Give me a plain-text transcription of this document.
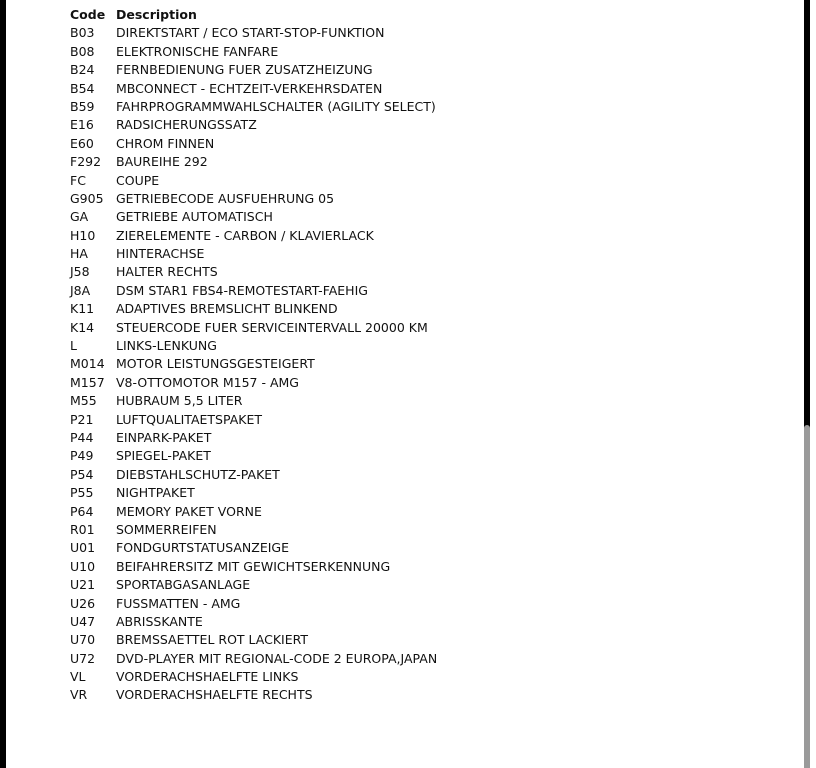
Code Description
B03	DIREKTSTART / ECO START-STOP-FUNKTION
B08	ELEKTRONISCHE FANFARE
B24	FERNBEDIENUNG FUER ZUSATZHEIZUNG
B54	MBCONNECT - ECHTZEIT-VERKEHRSDATEN
B59	FAHRPROGRAMMWAHLSCHALTER (AGILITY SELECT)
E16	RADSICHERUNGSSATZ
E60	CHROM FINNEN
F292	BAUREIHE 292
FC	COUPE
G905 GETRIEBECODE AUSFUEHRUNG 05
GA	GETRIEBE AUTOMATISCH
H10	ZIERELEMENTE - CARBON / KLAVIERLACK
HA	HINTERACHSE
J58	HALTER RECHTS
J8A	DSM STAR1 FBS4-REMOTESTART-FAEHIG
K11	ADAPTIVES BREMSLICHT BLINKEND
K14	STEUERCODE FUER SERVICEINTERVALL 20000 KM
L	LINKS-LENKUNG
M014 MOTOR LEISTUNGSGESTEIGERT
M157 V8-OTTOMOTOR M157 - AMG
M55	HUBRAUM 5,5 LITER
P21	LUFTQUALITAETSPAKET
P44	EINPARK-PAKET
P49	SPIEGEL-PAKET
P54	DIEBSTAHLSCHUTZ-PAKET
P55	NIGHTPAKET
P64	MEMORY PAKET VORNE
R01	SOMMERREIFEN
U01	FONDGURTSTATUSANZEIGE
U10	BEIFAHRERSITZ MIT GEWICHTSERKENNUNG
U21	SPORTABGASANLAGE
U26	FUSSMATTEN - AMG
U47	ABRISSKANTE
U70	BREMSSAETTEL ROT LACKIERT
U72	DVD-PLAYER MIT REGIONAL-CODE 2 EUROPA,JAPAN
VL	VORDERACHSHAELFTE LINKS
VR	VORDERACHSHAELFTE RECHTS
